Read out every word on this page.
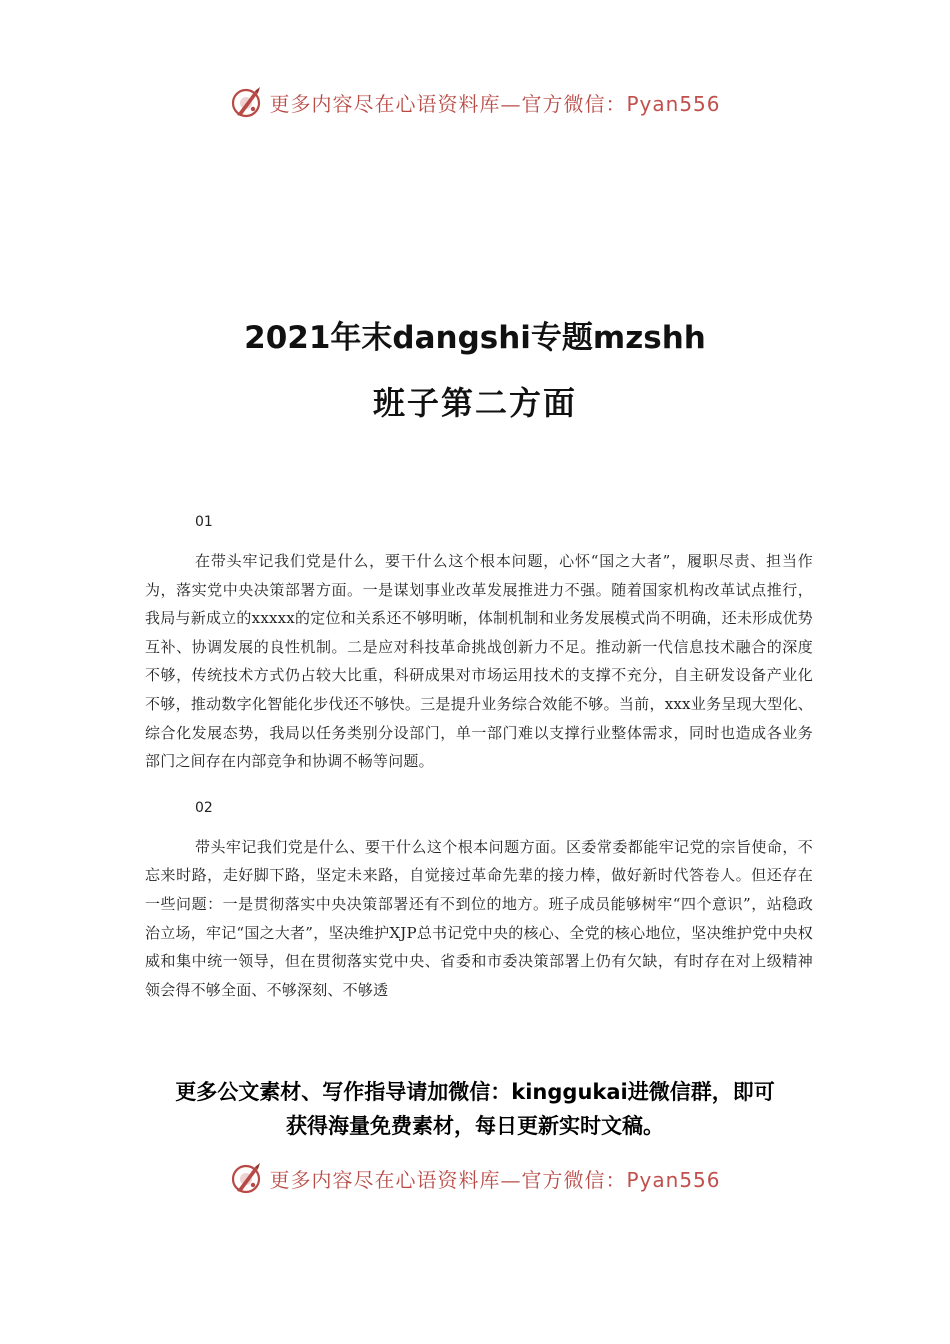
更多内容尽在心语资料库—官方微信：Pyan556
2021年末dangshi专题mzshh
班子第二方面
01

在带头牢记我们党是什么，要干什么这个根本问题，心怀“国之大者”，履职尽责、担当作为，落实党中央决策部署方面。一是谋划事业改革发展推进力不强。随着国家机构改革试点推行，我局与新成立的xxxxx的定位和关系还不够明晰，体制机制和业务发展模式尚不明确，还未形成优势互补、协调发展的良性机制。二是应对科技革命挑战创新力不足。推动新一代信息技术融合的深度不够，传统技术方式仍占较大比重，科研成果对市场运用技术的支撑不充分，自主研发设备产业化不够，推动数字化智能化步伐还不够快。三是提升业务综合效能不够。当前，xxx业务呈现大型化、综合化发展态势，我局以任务类别分设部门，单一部门难以支撑行业整体需求，同时也造成各业务部门之间存在内部竞争和协调不畅等问题。

02

带头牢记我们党是什么、要干什么这个根本问题方面。区委常委都能牢记党的宗旨使命，不忘来时路，走好脚下路，坚定未来路，自觉接过革命先辈的接力棒，做好新时代答卷人。但还存在一些问题：一是贯彻落实中央决策部署还有不到位的地方。班子成员能够树牢“四个意识”，站稳政治立场，牢记“国之大者”，坚决维护XJP总书记党中央的核心、全党的核心地位，坚决维护党中央权威和集中统一领导，但在贯彻落实党中央、省委和市委决策部署上仍有欠缺，有时存在对上级精神领会得不够全面、不够深刻、不够透

更多公文素材、写作指导请加微信：kinggukai进微信群，即可
获得海量免费素材，每日更新实时文稿。
更多内容尽在心语资料库—官方微信：Pyan556
